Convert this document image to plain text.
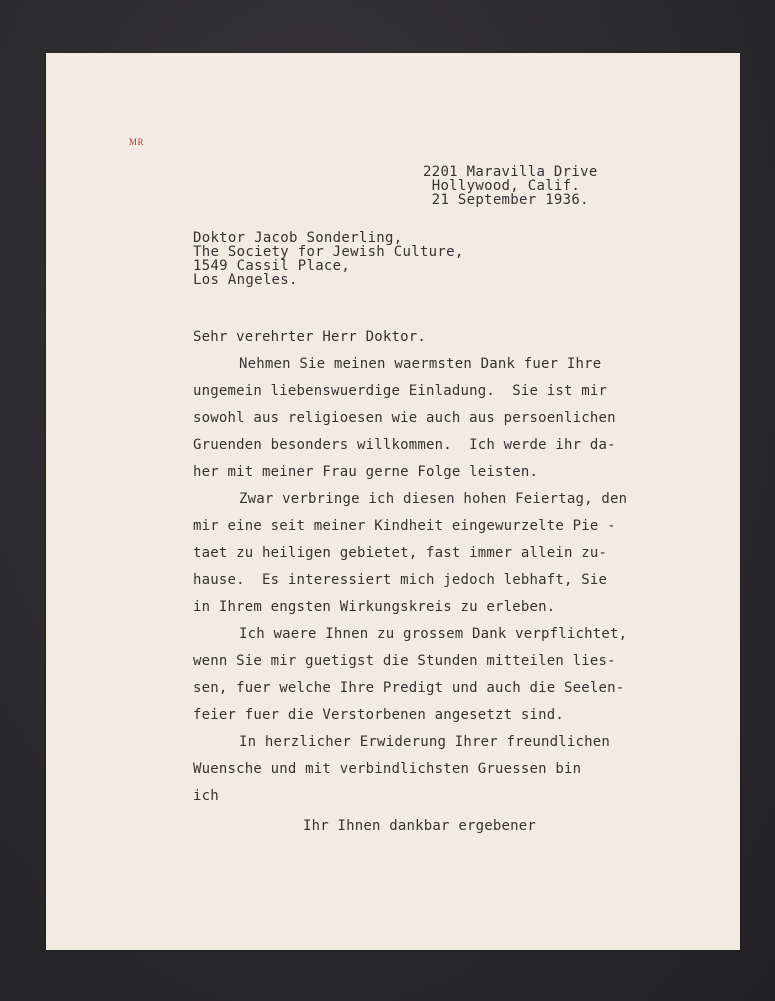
MR
2201 Maravilla Drive
Hollywood, Calif.
21 September 1936.
Doktor Jacob Sonderling,
The Society for Jewish Culture,
1549 Cassil Place,
Los Angeles.
Sehr verehrter Herr Doktor.
Nehmen Sie meinen waermsten Dank fuer Ihre
ungemein liebenswuerdige Einladung.  Sie ist mir
sowohl aus religioesen wie auch aus persoenlichen
Gruenden besonders willkommen.  Ich werde ihr da-
her mit meiner Frau gerne Folge leisten.
Zwar verbringe ich diesen hohen Feiertag, den
mir eine seit meiner Kindheit eingewurzelte Pie -
taet zu heiligen gebietet, fast immer allein zu-
hause.  Es interessiert mich jedoch lebhaft, Sie
in Ihrem engsten Wirkungskreis zu erleben.
Ich waere Ihnen zu grossem Dank verpflichtet,
wenn Sie mir guetigst die Stunden mitteilen lies-
sen, fuer welche Ihre Predigt und auch die Seelen-
feier fuer die Verstorbenen angesetzt sind.
In herzlicher Erwiderung Ihrer freundlichen
Wuensche und mit verbindlichsten Gruessen bin
ich
Ihr Ihnen dankbar ergebener
